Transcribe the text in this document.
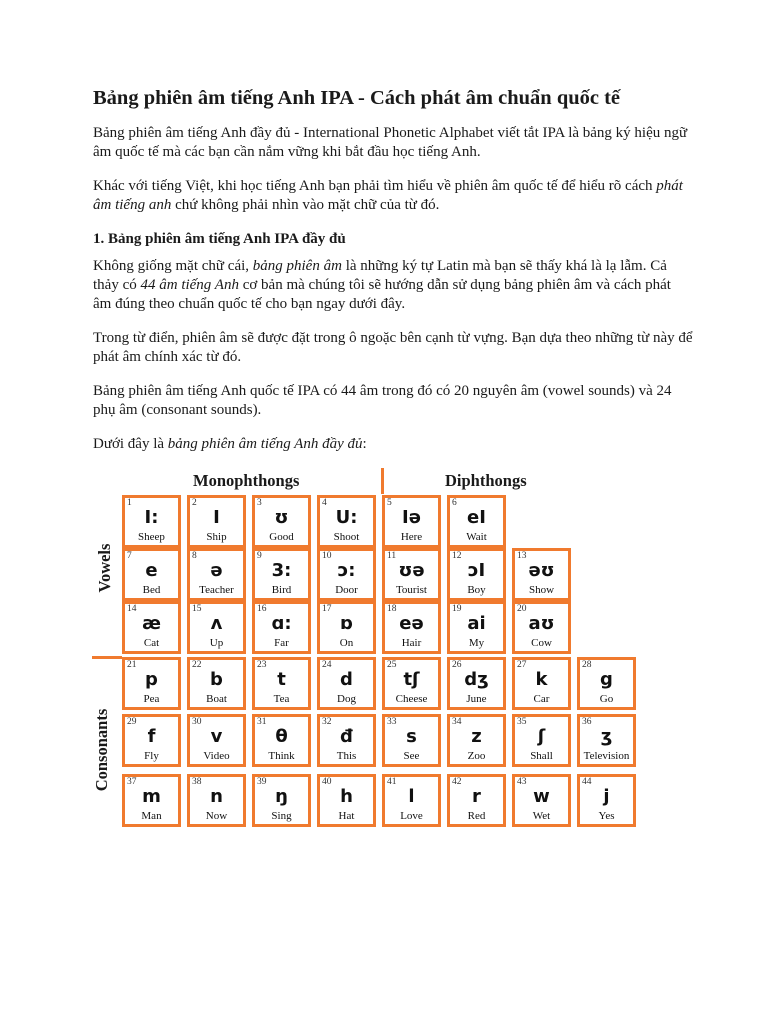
Bảng phiên âm tiếng Anh IPA - Cách phát âm chuẩn quốc tế

Bảng phiên âm tiếng Anh đầy đủ - International Phonetic Alphabet viết tắt IPA là bảng ký hiệu ngữ âm quốc tế mà các bạn cần nắm vững khi bắt đầu học tiếng Anh.

Khác với tiếng Việt, khi học tiếng Anh bạn phải tìm hiểu về phiên âm quốc tế để hiểu rõ cách phát âm tiếng anh chứ không phải nhìn vào mặt chữ của từ đó.

1. Bảng phiên âm tiếng Anh IPA đầy đủ

Không giống mặt chữ cái, bảng phiên âm là những ký tự Latin mà bạn sẽ thấy khá là lạ lẫm. Cả thảy có 44 âm tiếng Anh cơ bản mà chúng tôi sẽ hướng dẫn sử dụng bảng phiên âm và cách phát âm đúng theo chuẩn quốc tế cho bạn ngay dưới đây.

Trong từ điển, phiên âm sẽ được đặt trong ô ngoặc bên cạnh từ vựng. Bạn dựa theo những từ này để phát âm chính xác từ đó.

Bảng phiên âm tiếng Anh quốc tế IPA có 44 âm trong đó có 20 nguyên âm (vowel sounds) và 24 phụ âm (consonant sounds).

Dưới đây là bảng phiên âm tiếng Anh đầy đủ:

Monophthongs	Diphthongs
Vowels
Consonants
1
I:
Sheep
2
I
Ship
3
ʊ
Good
4
U:
Shoot
5
Iə
Here
6
eI
Wait
7
e
Bed
8
ə
Teacher
9
3:
Bird
10
ɔ:
Door
11
ʊə
Tourist
12
ɔI
Boy
13
əʊ
Show
14
æ
Cat
15
ʌ
Up
16
ɑ:
Far
17
ɒ
On
18
eə
Hair
19
ai
My
20
aʊ
Cow
21
p
Pea
22
b
Boat
23
t
Tea
24
d
Dog
25
tʃ
Cheese
26
dʒ
June
27
k
Car
28
g
Go
29
f
Fly
30
v
Video
31
θ
Think
32
đ
This
33
s
See
34
z
Zoo
35
ʃ
Shall
36
ʒ
Television
37
m
Man
38
n
Now
39
ŋ
Sing
40
h
Hat
41
l
Love
42
r
Red
43
w
Wet
44
j
Yes
